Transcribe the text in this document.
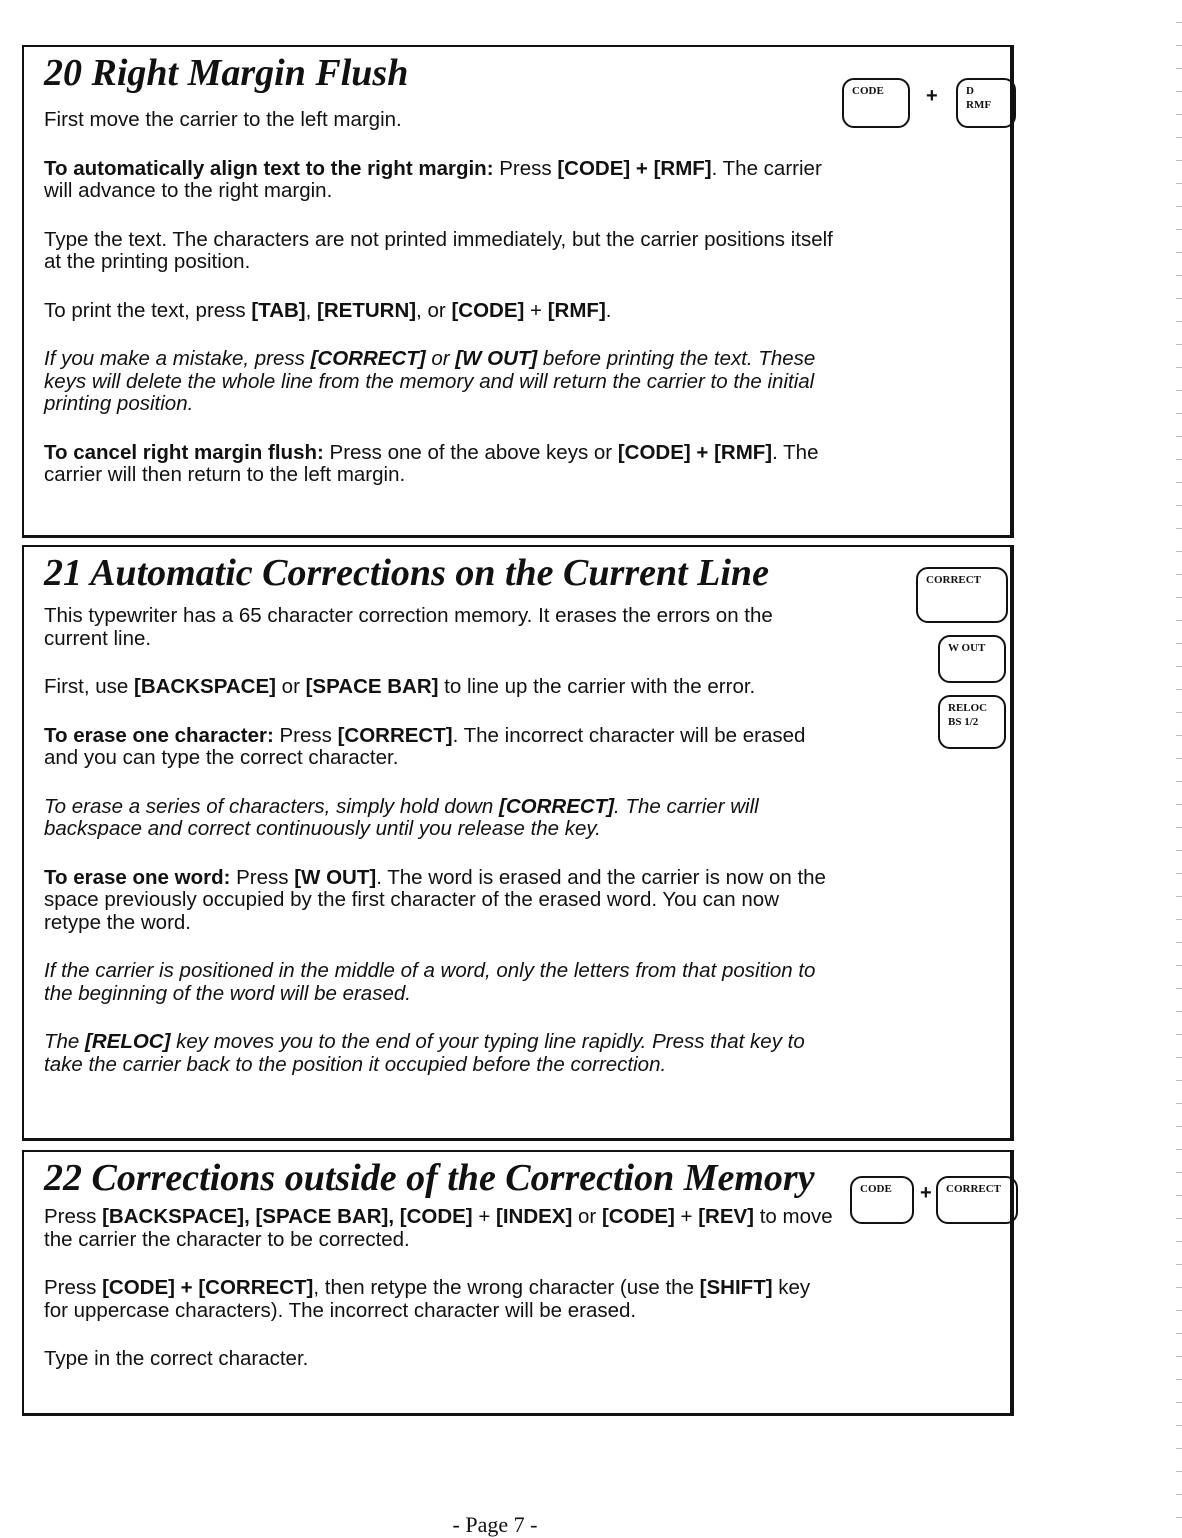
20 Right Margin Flush

First move the carrier to the left margin.

To automatically align text to the right margin: Press [CODE] + [RMF]. The carrier will advance to the right margin.

Type the text. The characters are not printed immediately, but the carrier positions itself at the printing position.

To print the text, press [TAB], [RETURN], or [CODE] + [RMF].

If you make a mistake, press [CORRECT] or [W OUT] before printing the text. These keys will delete the whole line from the memory and will return the carrier to the initial printing position.

To cancel right margin flush: Press one of the above keys or [CODE] + [RMF]. The carrier will then return to the left margin.

CODE	+	D
RMF
21 Automatic Corrections on the Current Line

This typewriter has a 65 character correction memory. It erases the errors on the current line.

First, use [BACKSPACE] or [SPACE BAR] to line up the carrier with the error.

To erase one character: Press [CORRECT]. The incorrect character will be erased and you can type the correct character.

To erase a series of characters, simply hold down [CORRECT]. The carrier will backspace and correct continuously until you release the key.

To erase one word: Press [W OUT]. The word is erased and the carrier is now on the space previously occupied by the first character of the erased word. You can now retype the word.

If the carrier is positioned in the middle of a word, only the letters from that position to the beginning of the word will be erased.

The [RELOC] key moves you to the end of your typing line rapidly. Press that key to take the carrier back to the position it occupied before the correction.

CORRECT
W OUT
RELOC
BS 1/2
22 Corrections outside of the Correction Memory

Press [BACKSPACE], [SPACE BAR], [CODE] + [INDEX] or [CODE] + [REV] to move the carrier the character to be corrected.

Press [CODE] + [CORRECT], then retype the wrong character (use the [SHIFT] key for uppercase characters). The incorrect character will be erased.

Type in the correct character.

CODE	+	CORRECT
- Page 7 -
